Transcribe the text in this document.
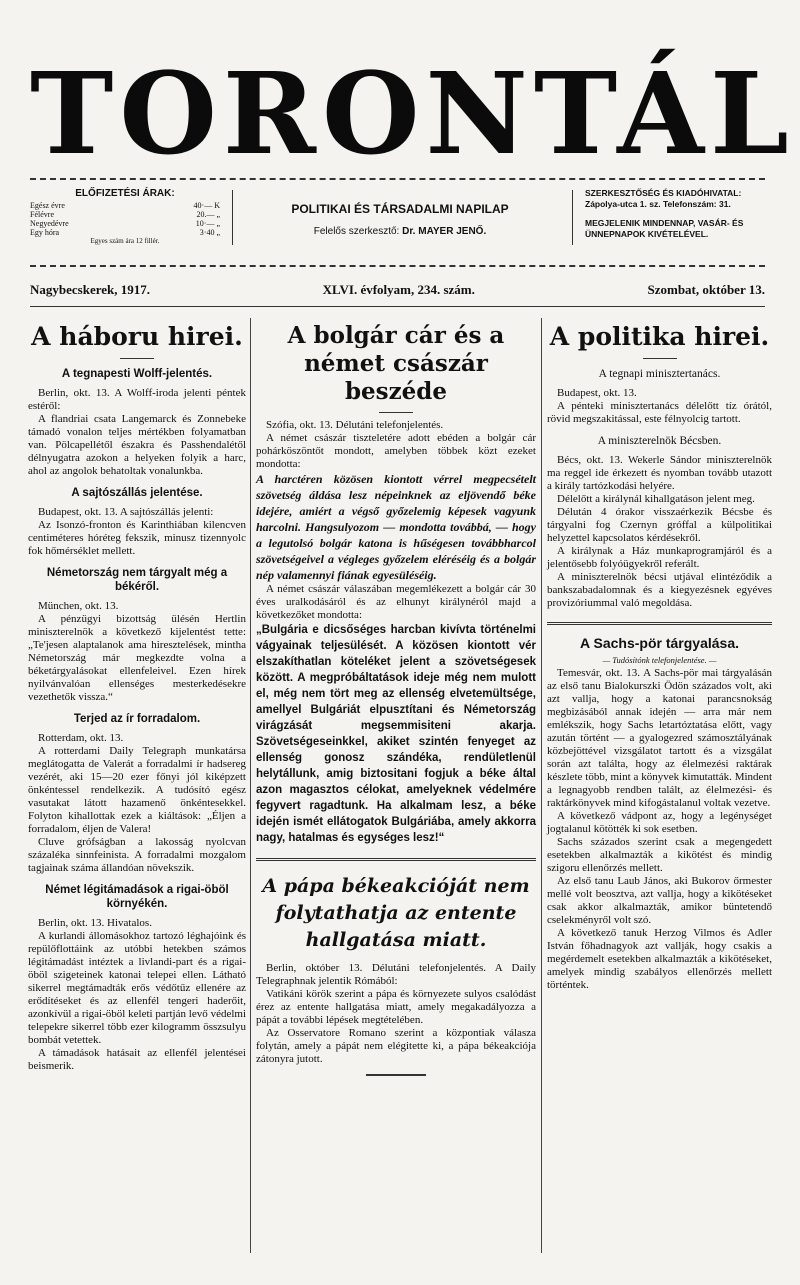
TORONTÁL
ELŐFIZETÉSI ÁRAK:
Egész évre	40·— K
Félévre	20.— „
Negyedévre	10·— „
Egy hóra	3·40 „
Egyes szám ára 12 fillér.
POLITIKAI ÉS TÁRSADALMI NAPILAP
Felelős szerkesztő: Dr. MAYER JENŐ.
SZERKESZTŐSÉG ÉS KIADÓHIVATAL:
Zápolya-utca 1. sz. Telefonszám: 31.
MEGJELENIK MINDENNAP, VASÁR- ÉS ÜNNEPNAPOK KIVÉTELÉVEL.
Nagybecskerek, 1917.	XLVI. évfolyam, 234. szám.	Szombat, október 13.
A háboru hirei.
A tegnapesti Wolff-jelentés.

Berlin, okt. 13. A Wolff-iroda jelenti péntek estéről:

A flandriai csata Langemarck és Zonnebeke támadó vonalon teljes mértékben folyamatban van. Pölcapellétől északra és Passhendalétől délnyugatra azokon a helyeken folyik a harc, ahol az angolok behatoltak vonalunkba.

A sajtószállás jelentése.

Budapest, okt. 13. A sajtószállás jelenti:

Az Isonzó-fronton és Karinthiában kilencven centiméteres hóréteg fekszik, minusz tizennyolc fok hőmérséklet mellett.

Németország nem tárgyalt még a békéről.

München, okt. 13.

A pénzügyi bizottság ülésén Hertlin miniszterelnök a következő kijelentést tette: „Te'jesen alaptalanok ama hiresztelések, mintha Németország már megkezdte volna a béketárgyalásokat ellenfeleivel. Ezen hírek nyilvánvalóan ellenséges mesterkedésekre vezethetők vissza.“

Terjed az ír forradalom.

Rotterdam, okt. 13.

A rotterdami Daily Telegraph munkatársa meglátogatta de Valerát a forradalmi ír hadsereg vezérét, aki 15—20 ezer főnyi jól kiképzett önkéntessel rendelkezik. A tudósító egész vasutakat látott hazamenő önkéntesekkel. Folyton kihallottak ezek a kiáltások: „Éljen a forradalom, éljen de Valera!

Cluve grófságban a lakosság nyolcvan százaléka sinnfeinista. A forradalmi mozgalom tagjainak száma állandóan növekszik.

Német légitámadások a rigai-öböl környékén.

Berlin, okt. 13. Hivatalos.

A kurlandi állomásokhoz tartozó léghajóink és repülőflottáink az utóbbi hetekben számos légitámadást intéztek a livlandi-part és a rigai-öböl szigeteinek katonai telepei ellen. Látható sikerrel megtámadták erős védőtűz ellenére az erődítéseket és az ellenfél tengeri haderőit, azonkívül a rigai-öböl keleti partján levő védelmi telepekre sikerrel több ezer kilogramm összsulyu bombát vetettek.

A támadások hatásait az ellenfél jelentései beismerik.

A bolgár cár és a német császár beszéde

Szófia, okt. 13. Délutáni telefonjelentés.

A német császár tiszteletére adott ebéden a bolgár cár pohárköszöntőt mondott, amelyben többek közt ezeket mondotta:

A harctéren közösen kiontott vérrel megpecsételt szövetség áldása lesz népeinknek az eljövendő béke idejére, amiért a végső győzelemig képesek vagyunk harcolni. Hangsulyozom — mondotta továbbá, — hogy a legutolsó bolgár katona is hűségesen továbbharcol szövetségeivel a végleges győzelem eléréséig és a bolgár nép valamennyi fiának egyesüléséig.

A német császár válaszában megemlékezett a bolgár cár 30 éves uralkodásáról és az elhunyt királynéról majd a következőket mondotta:

„Bulgária e dicsőséges harcban kivívta történelmi vágyainak teljesülését. A közösen kiontott vér elszakíthatlan köteléket jelent a szövetségesek között. A megpróbáltatások ideje még nem mulott el, még nem tört meg az ellenség elvetemültsége, amellyel Bulgáriát elpusztítani és Németország virágzását megsemmisiteni akarja. Szövetségeseinkkel, akiket szintén fenyeget az ellenség gonosz szándéka, rendületlenül helytállunk, amig biztositani fogjuk a béke által azon magasztos célokat, amelyeknek védelmére fegyvert ragadtunk. Ha alkalmam lesz, a béke idején ismét ellátogatok Bulgáriába, amely akkorra nagy, hatalmas és egységes lesz!“

A pápa békeakcióját nem folytathatja az entente hallgatása miatt.

Berlin, október 13. Délutáni telefonjelentés. A Daily Telegraphnak jelentik Rómából:

Vatikáni körök szerint a pápa és környezete sulyos csalódást érez az entente hallgatása miatt, amely megakadályozza a pápát a további lépések megtételében.

Az Osservatore Romano szerint a központiak válasza folytán, amely a pápát nem elégitette ki, a pápa békeakciója zátonyra jutott.

A politika hirei.
A tegnapi minisztertanács.

Budapest, okt. 13.

A pénteki minisztertanács délelőtt tíz órától, rövid megszakitással, este félnyolcig tartott.

A miniszterelnök Bécsben.

Bécs, okt. 13. Wekerle Sándor miniszterelnök ma reggel ide érkezett és nyomban tovább utazott a király tartózkodási helyére.

Délelőtt a királynál kihallgatáson jelent meg.

Délután 4 órakor visszaérkezik Bécsbe és tárgyalni fog Czernyn gróffal a külpolitikai helyzettel kapcsolatos kérdésekről.

A királynak a Ház munkaprogramjáról és a jelentősebb folyóügyekről referált.

A miniszterelnök bécsi utjával elintéződik a bankszabadalomnak és a kiegyezésnek egyéves provizóriummal való megoldása.

A Sachs-pör tárgyalása.
— Tudósítónk telefonjelentése. —

Temesvár, okt. 13. A Sachs-pör mai tárgyalásán az első tanu Bialokurszki Ödön százados volt, aki azt vallja, hogy a katonai parancsnokság megbizásából annak idején — arra már nem emlékszik, hogy Sachs letartóztatása előtt, vagy azután történt — a gyalogezred számosztályának közbejöttével vizsgálatot tartott és a vizsgálat során azt találta, hogy az élelmezési raktárak készlete több, mint a könyvek kimutatták. Mindent a legnagyobb rendben talált, az élelmezési- és raktárkönyvek mind kifogástalanul voltak vezetve.

A következő vádpont az, hogy a legénységet jogtalanul kötötték ki sok esetben.

Sachs százados szerint csak a megengedett esetekben alkalmazták a kikötést és mindig szigoru ellenőrzés mellett.

Az első tanu Laub János, aki Bukorov őrmester mellé volt beosztva, azt vallja, hogy a kikötéseket csak akkor alkalmazták, amikor büntetendő cselekményről volt szó.

A következő tanuk Herzog Vilmos és Adler István főhadnagyok azt vallják, hogy csakis a megérdemelt esetekben alkalmazták a kikötéseket, amelyek mindig szabályos ellenőrzés mellett történtek.
